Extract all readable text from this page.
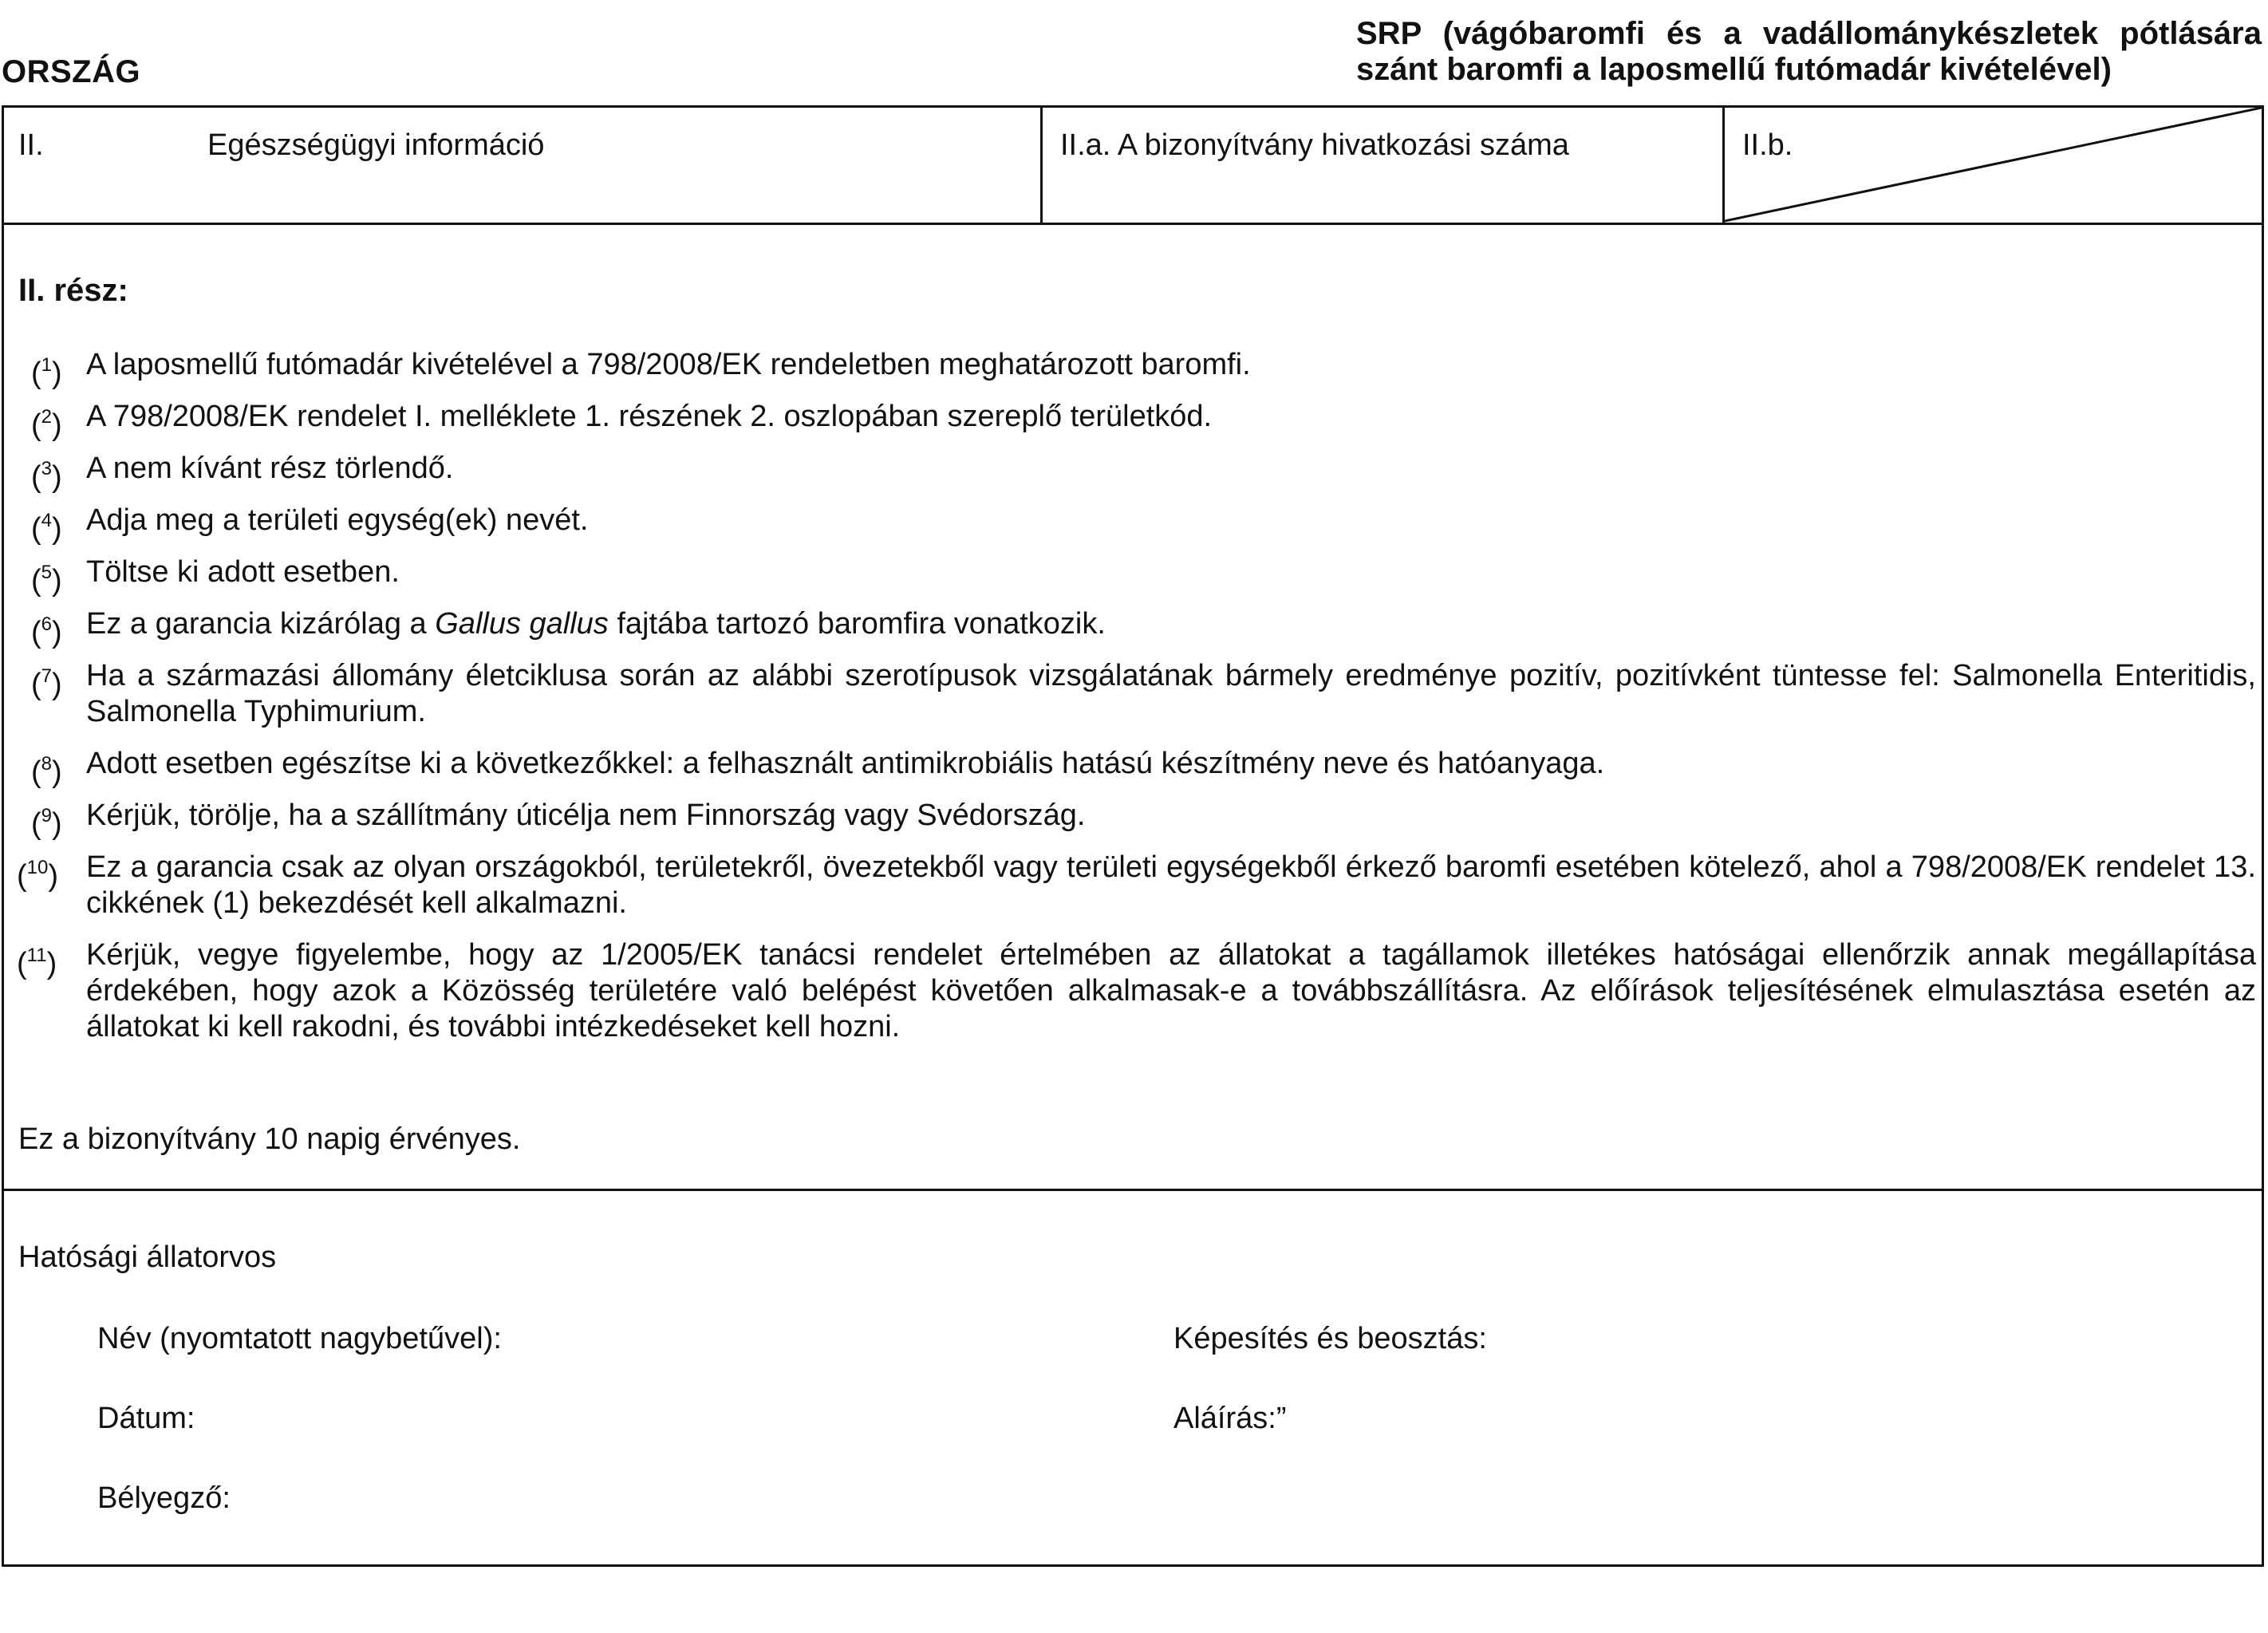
ORSZÁG
SRP (vágóbaromfi és a vadállománykészletek pótlására szánt baromfi a laposmellű futómadár kivételével)
II.	Egészségügyi információ	II.a. A bizonyítvány hivatkozási száma	II.b.
II. rész:
($^1$) A laposmellű futómadár kivételével a 798/2008/EK rendeletben meghatározott baromfi.
($^2$) A 798/2008/EK rendelet I. melléklete 1. részének 2. oszlopában szereplő területkód.
($^3$) A nem kívánt rész törlendő.
($^4$) Adja meg a területi egység(ek) nevét.
($^5$) Töltse ki adott esetben.
($^6$) Ez a garancia kizárólag a Gallus gallus fajtába tartozó baromfira vonatkozik.
($^7$) Ha a származási állomány életciklusa során az alábbi szerotípusok vizsgálatának bármely eredménye pozitív, pozitívként tüntesse fel: Salmonella Enteritidis, Salmonella Typhimurium.
($^8$) Adott esetben egészítse ki a következőkkel: a felhasznált antimikrobiális hatású készítmény neve és hatóanyaga.
($^9$) Kérjük, törölje, ha a szállítmány úticélja nem Finnország vagy Svédország.
($^{10}$) Ez a garancia csak az olyan országokból, területekről, övezetekből vagy területi egységekből érkező baromfi esetében kötelező, ahol a 798/2008/EK rendelet 13. cikkének (1) bekezdését kell alkalmazni.
($^{11}$) Kérjük, vegye figyelembe, hogy az 1/2005/EK tanácsi rendelet értelmében az állatokat a tagállamok illetékes hatóságai ellenőrzik annak megállapítása érdekében, hogy azok a Közösség területére való belépést követően alkalmasak-e a továbbszállításra. Az előírások teljesítésének elmulasztása esetén az állatokat ki kell rakodni, és további intézkedéseket kell hozni.
Ez a bizonyítvány 10 napig érvényes.
Hatósági állatorvos
Név (nyomtatott nagybetűvel):	Képesítés és beosztás:
Dátum:	Aláírás:”
Bélyegző:
